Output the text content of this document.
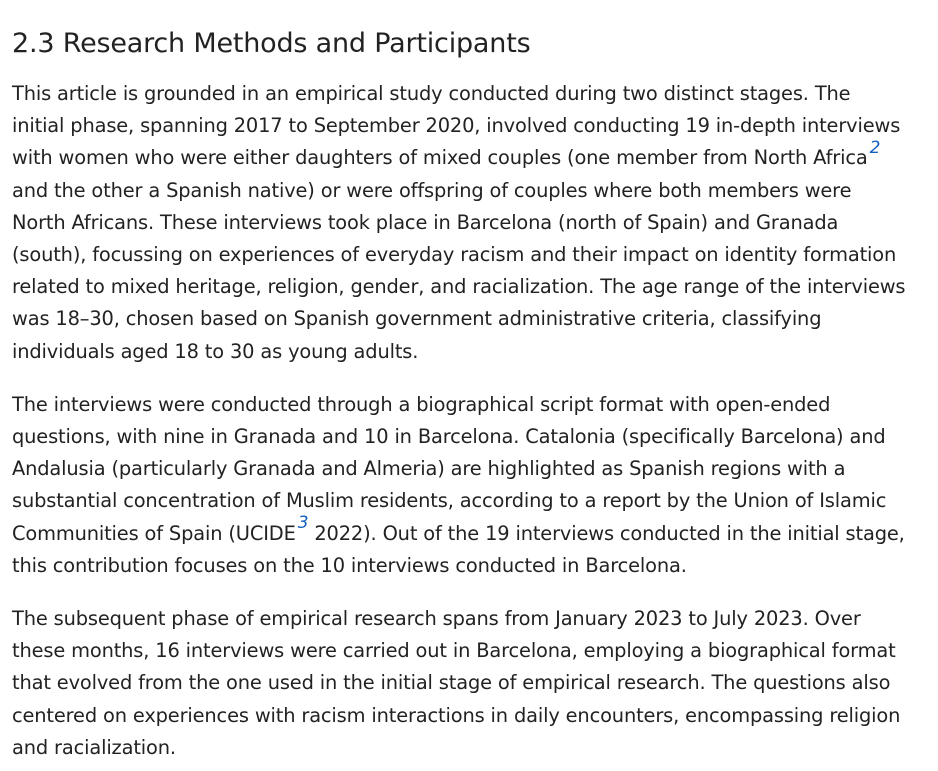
2.3 Research Methods and Participants

This article is grounded in an empirical study conducted during two distinct stages. The
initial phase, spanning 2017 to September 2020, involved conducting 19 in-depth interviews
with women who were either daughters of mixed couples (one member from North Africa $^2$
and the other a Spanish native) or were offspring of couples where both members were
North Africans. These interviews took place in Barcelona (north of Spain) and Granada
(south), focussing on experiences of everyday racism and their impact on identity formation
related to mixed heritage, religion, gender, and racialization. The age range of the interviews
was 18–30, chosen based on Spanish government administrative criteria, classifying
individuals aged 18 to 30 as young adults.

The interviews were conducted through a biographical script format with open-ended
questions, with nine in Granada and 10 in Barcelona. Catalonia (specifically Barcelona) and
Andalusia (particularly Granada and Almeria) are highlighted as Spanish regions with a
substantial concentration of Muslim residents, according to a report by the Union of Islamic
Communities of Spain (UCIDE $^3$ 2022). Out of the 19 interviews conducted in the initial stage,
this contribution focuses on the 10 interviews conducted in Barcelona.

The subsequent phase of empirical research spans from January 2023 to July 2023. Over
these months, 16 interviews were carried out in Barcelona, employing a biographical format
that evolved from the one used in the initial stage of empirical research. The questions also
centered on experiences with racism interactions in daily encounters, encompassing religion
and racialization.
